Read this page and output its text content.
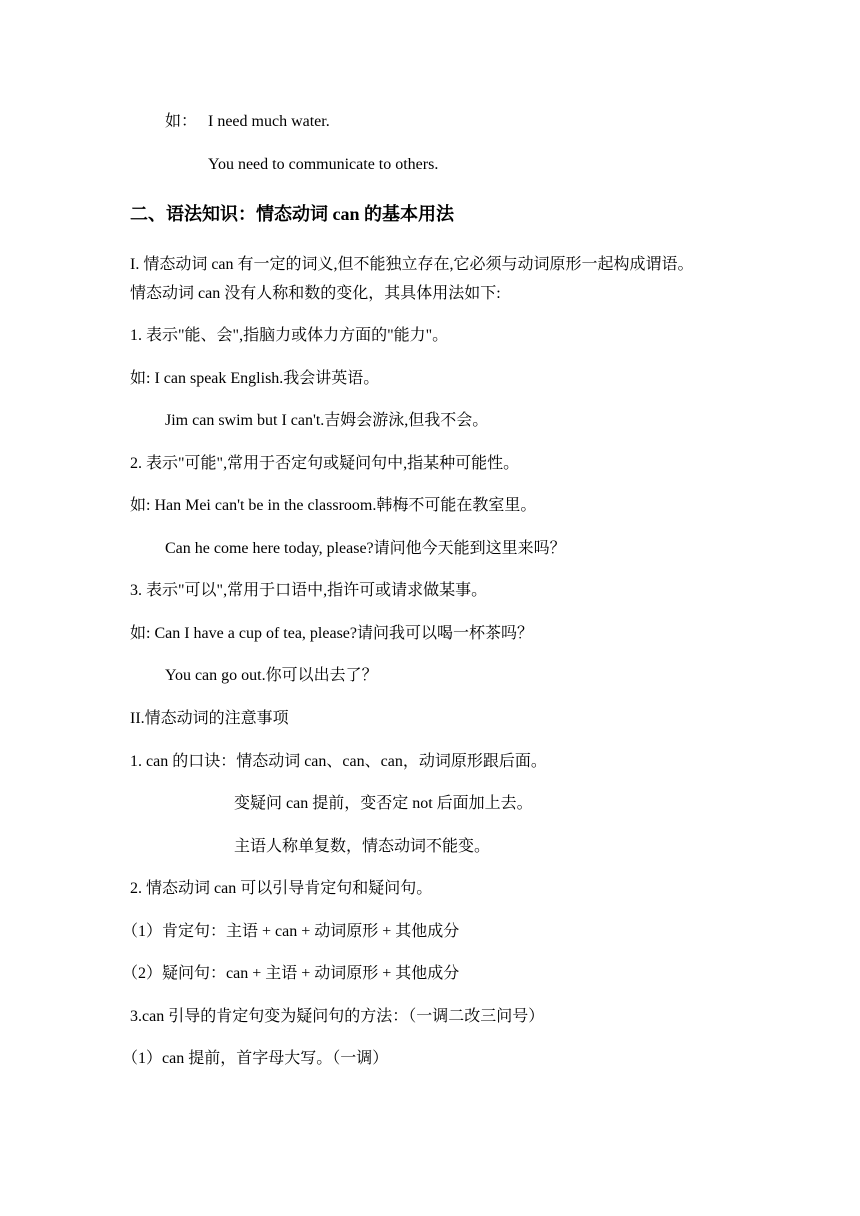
如： I need much water.
You need to communicate to others.
二、语法知识：情态动词 can 的基本用法
I. 情态动词 can 有一定的词义,但不能独立存在,它必须与动词原形一起构成谓语。
情态动词 can 没有人称和数的变化，其具体用法如下:
1. 表示"能、会",指脑力或体力方面的"能力"。
如: I can speak English.我会讲英语。
Jim can swim but I can't.吉姆会游泳,但我不会。
2. 表示"可能",常用于否定句或疑问句中,指某种可能性。
如: Han Mei can't be in the classroom.韩梅不可能在教室里。
Can he come here today, please?请问他今天能到这里来吗？
3. 表示"可以",常用于口语中,指许可或请求做某事。
如: Can I have a cup of tea, please?请问我可以喝一杯茶吗？
You can go out.你可以出去了？
II.情态动词的注意事项
1. can 的口诀：情态动词 can、can、can，动词原形跟后面。
变疑问 can 提前，变否定 not 后面加上去。
主语人称单复数，情态动词不能变。
2. 情态动词 can 可以引导肯定句和疑问句。
（1）肯定句：主语 + can + 动词原形 + 其他成分
（2）疑问句：can + 主语 + 动词原形 + 其他成分
3.can 引导的肯定句变为疑问句的方法：（一调二改三问号）
（1）can 提前，首字母大写。（一调）
